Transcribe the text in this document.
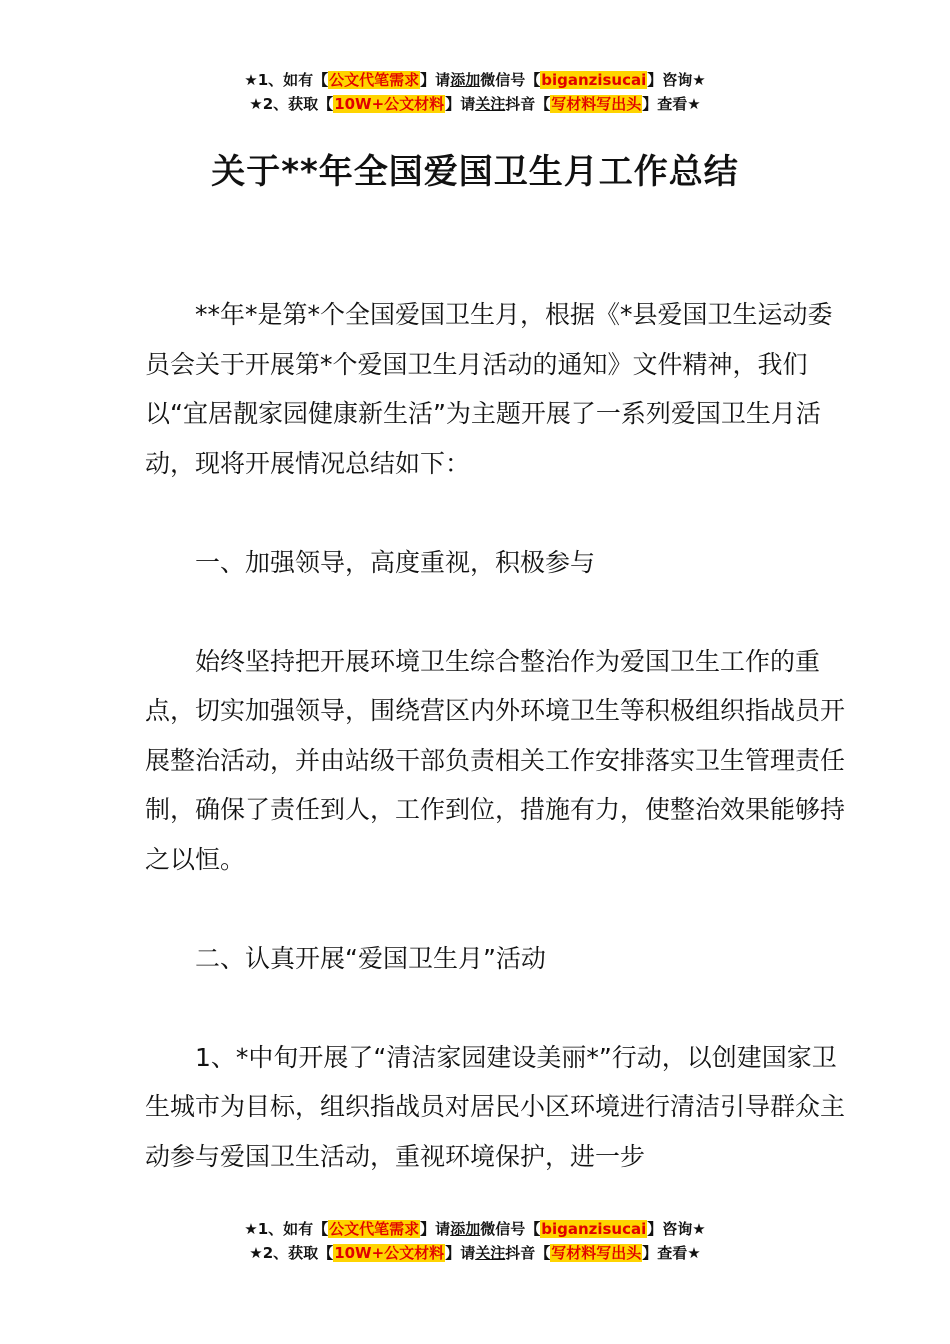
★1、如有【公文代笔需求】请添加微信号【biganzisucai】咨询★
★2、获取【10W+公文材料】请关注抖音【写材料写出头】查看★
关于**年全国爱国卫生月工作总结

**年*是第*个全国爱国卫生月，根据《*县爱国卫生运动委员会关于开展第*个爱国卫生月活动的通知》文件精神，我们以“宜居靓家园健康新生活”为主题开展了一系列爱国卫生月活动，现将开展情况总结如下：

一、加强领导，高度重视，积极参与

始终坚持把开展环境卫生综合整治作为爱国卫生工作的重点，切实加强领导，围绕营区内外环境卫生等积极组织指战员开展整治活动，并由站级干部负责相关工作安排落实卫生管理责任制，确保了责任到人，工作到位，措施有力，使整治效果能够持之以恒。

二、认真开展“爱国卫生月”活动

1、*中旬开展了“清洁家园建设美丽*”行动，以创建国家卫生城市为目标，组织指战员对居民小区环境进行清洁引导群众主动参与爱国卫生活动，重视环境保护，进一步

★1、如有【公文代笔需求】请添加微信号【biganzisucai】咨询★
★2、获取【10W+公文材料】请关注抖音【写材料写出头】查看★
